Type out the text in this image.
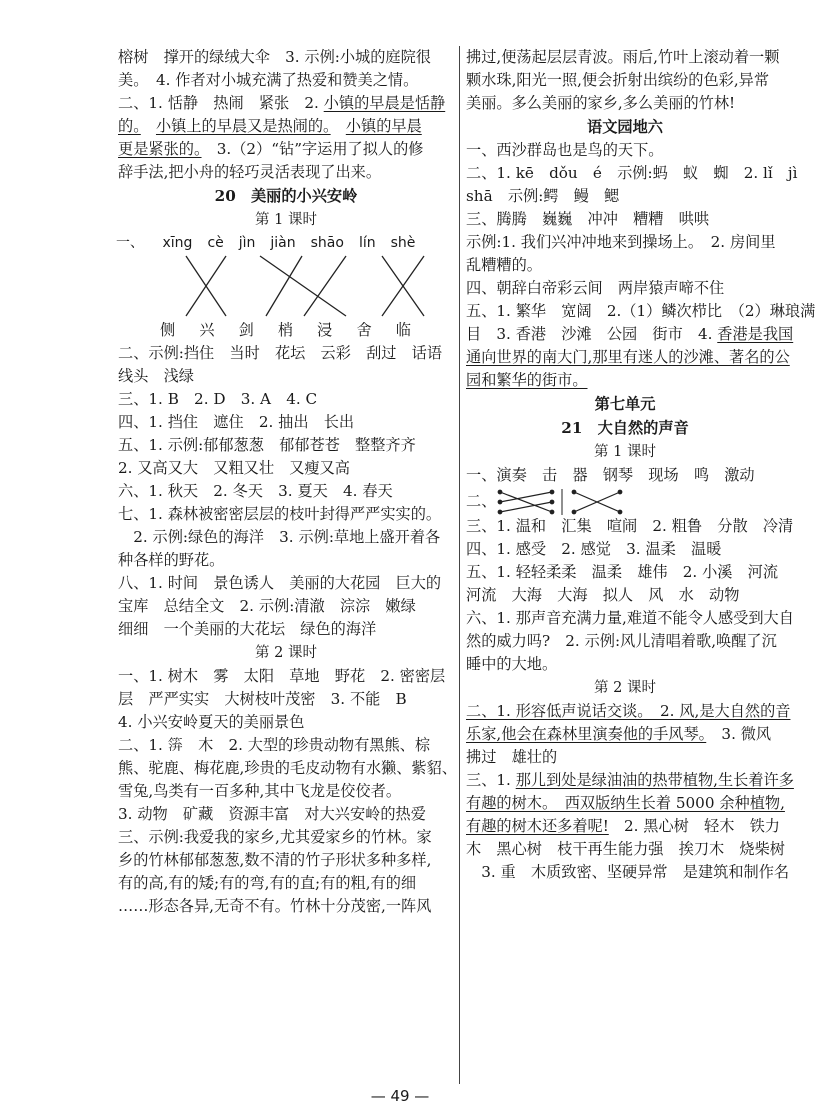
榕树　撑开的绿绒大伞　3. 示例:小城的庭院很
美。　4. 作者对小城充满了热爱和赞美之情。
二、1. 恬静　热闹　紧张　2. 小镇的早晨是恬静
的。　 小镇上的早晨又是热闹的。　 小镇的早晨
更是紧张的。　3.（2）“钻”字运用了拟人的修
辞手法,把小舟的轻巧灵活表现了出来。
20　美丽的小兴安岭
第 1 课时
一、 xīng cè jìn jiàn shāo lín shè
侧 兴 剑 梢 浸 舍 临
二、示例:挡住　当时　花坛　云彩　刮过　话语
线头　浅绿
三、1. B　2. D　3. A　4. C
四、1. 挡住　遮住　2. 抽出　长出
五、1. 示例:郁郁葱葱　郁郁苍苍　整整齐齐
2. 又高又大　又粗又壮　又瘦又高
六、1. 秋天　2. 冬天　3. 夏天　4. 春天
七、1. 森林被密密层层的枝叶封得严严实实的。
　2. 示例:绿色的海洋　3. 示例:草地上盛开着各
种各样的野花。
八、1. 时间　景色诱人　美丽的大花园　巨大的
宝库　总结全文　2. 示例:清澈　淙淙　嫩绿
细细　一个美丽的大花坛　绿色的海洋
第 2 课时
一、1. 树木　雾　太阳　草地　野花　2. 密密层
层　严严实实　大树枝叶茂密　3. 不能　B
4. 小兴安岭夏天的美丽景色
二、1. 𥮓　木　2. 大型的珍贵动物有黑熊、棕
熊、驼鹿、梅花鹿,珍贵的毛皮动物有水獭、紫貂、
雪兔,鸟类有一百多种,其中飞龙是佼佼者。
3. 动物　矿藏　资源丰富　对大兴安岭的热爱
三、示例:我爱我的家乡,尤其爱家乡的竹林。家
乡的竹林郁郁葱葱,数不清的竹子形状多种多样,
有的高,有的矮;有的弯,有的直;有的粗,有的细
……形态各异,无奇不有。竹林十分茂密,一阵风
拂过,便荡起层层青波。雨后,竹叶上滚动着一颗
颗水珠,阳光一照,便会折射出缤纷的色彩,异常
美丽。多么美丽的家乡,多么美丽的竹林!
语文园地六
一、西沙群岛也是鸟的天下。
二、1. kē　dǒu　é　示例:蚂　蚁　蜘　2. lǐ　jì
shā　示例:鳄　鳗　鳃
三、腾腾　巍巍　冲冲　糟糟　哄哄
示例:1. 我们兴冲冲地来到操场上。　2. 房间里
乱糟糟的。
四、朝辞白帝彩云间　两岸猿声啼不住
五、1. 繁华　宽阔　2.（1）鳞次栉比　（2）琳琅满
目　3. 香港　沙滩　公园　街市　4. 香港是我国
通向世界的南大门,那里有迷人的沙滩、著名的公
园和繁华的街市。
第七单元
21　大自然的声音
第 1 课时
一、演奏　击　器　钢琴　现场　鸣　激动
二、
三、1. 温和　汇集　喧闹　2. 粗鲁　分散　冷清
四、1. 感受　2. 感觉　3. 温柔　温暖
五、1. 轻轻柔柔　温柔　雄伟　2. 小溪　河流
河流　大海　大海　拟人　风　水　动物
六、1. 那声音充满力量,难道不能令人感受到大自
然的威力吗?　2. 示例:风儿清唱着歌,唤醒了沉
睡中的大地。
第 2 课时
二、1. 形容低声说话交谈。　2. 风,是大自然的音
乐家,他会在森林里演奏他的手风琴。　3. 微风
拂过　雄壮的
三、1. 那儿到处是绿油油的热带植物,生长着许多
有趣的树木。　西双版纳生长着 5000 余种植物,
有趣的树木还多着呢!　2. 黑心树　轻木　铁力
木　黑心树　枝干再生能力强　挨刀木　烧柴树
　3. 重　木质致密、坚硬异常　是建筑和制作名
— 49 —
